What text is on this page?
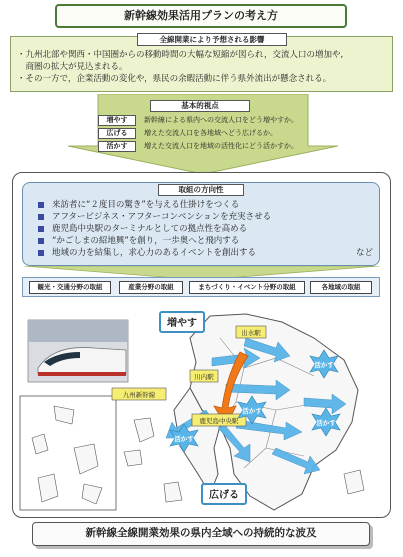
新幹線効果活用プランの考え方
全線開業により予想される影響
・九州北部や関西・中国圏からの移動時間の大幅な短縮が図られ，交流人口の増加や,
　商圏の拡大が見込まれる。
・その一方で，企業活動の変化や，県民の余暇活動に伴う県外流出が懸念される。
基本的視点
増やす	新幹線による県内への交流人口をどう増やすか。
広げる	増えた交流人口を各地域へどう広げるか。
活かす	増えた交流人口を地域の活性化にどう活かすか。
取組の方向性
来訪者に“２度目の驚き”を与える仕掛けをつくる
アフタービジネス・アフターコンベンションを充実させる
鹿児島中央駅のターミナルとしての拠点性を高める
“かごしまの紹地興”を創り，一歩奥へと飛内する
地域の力を結集し，求心力のあるイベントを創出する	など
観光・交通分野の取組	産業分野の取組	まちづくり・イベント分野の取組	各地域の取組
増やす
広げる
出水駅
川内駅
鹿児島中央駅
九州新幹線
活かす
活かす
活かす
活かす
新幹線全線開業効果の県内全域への持続的な波及
